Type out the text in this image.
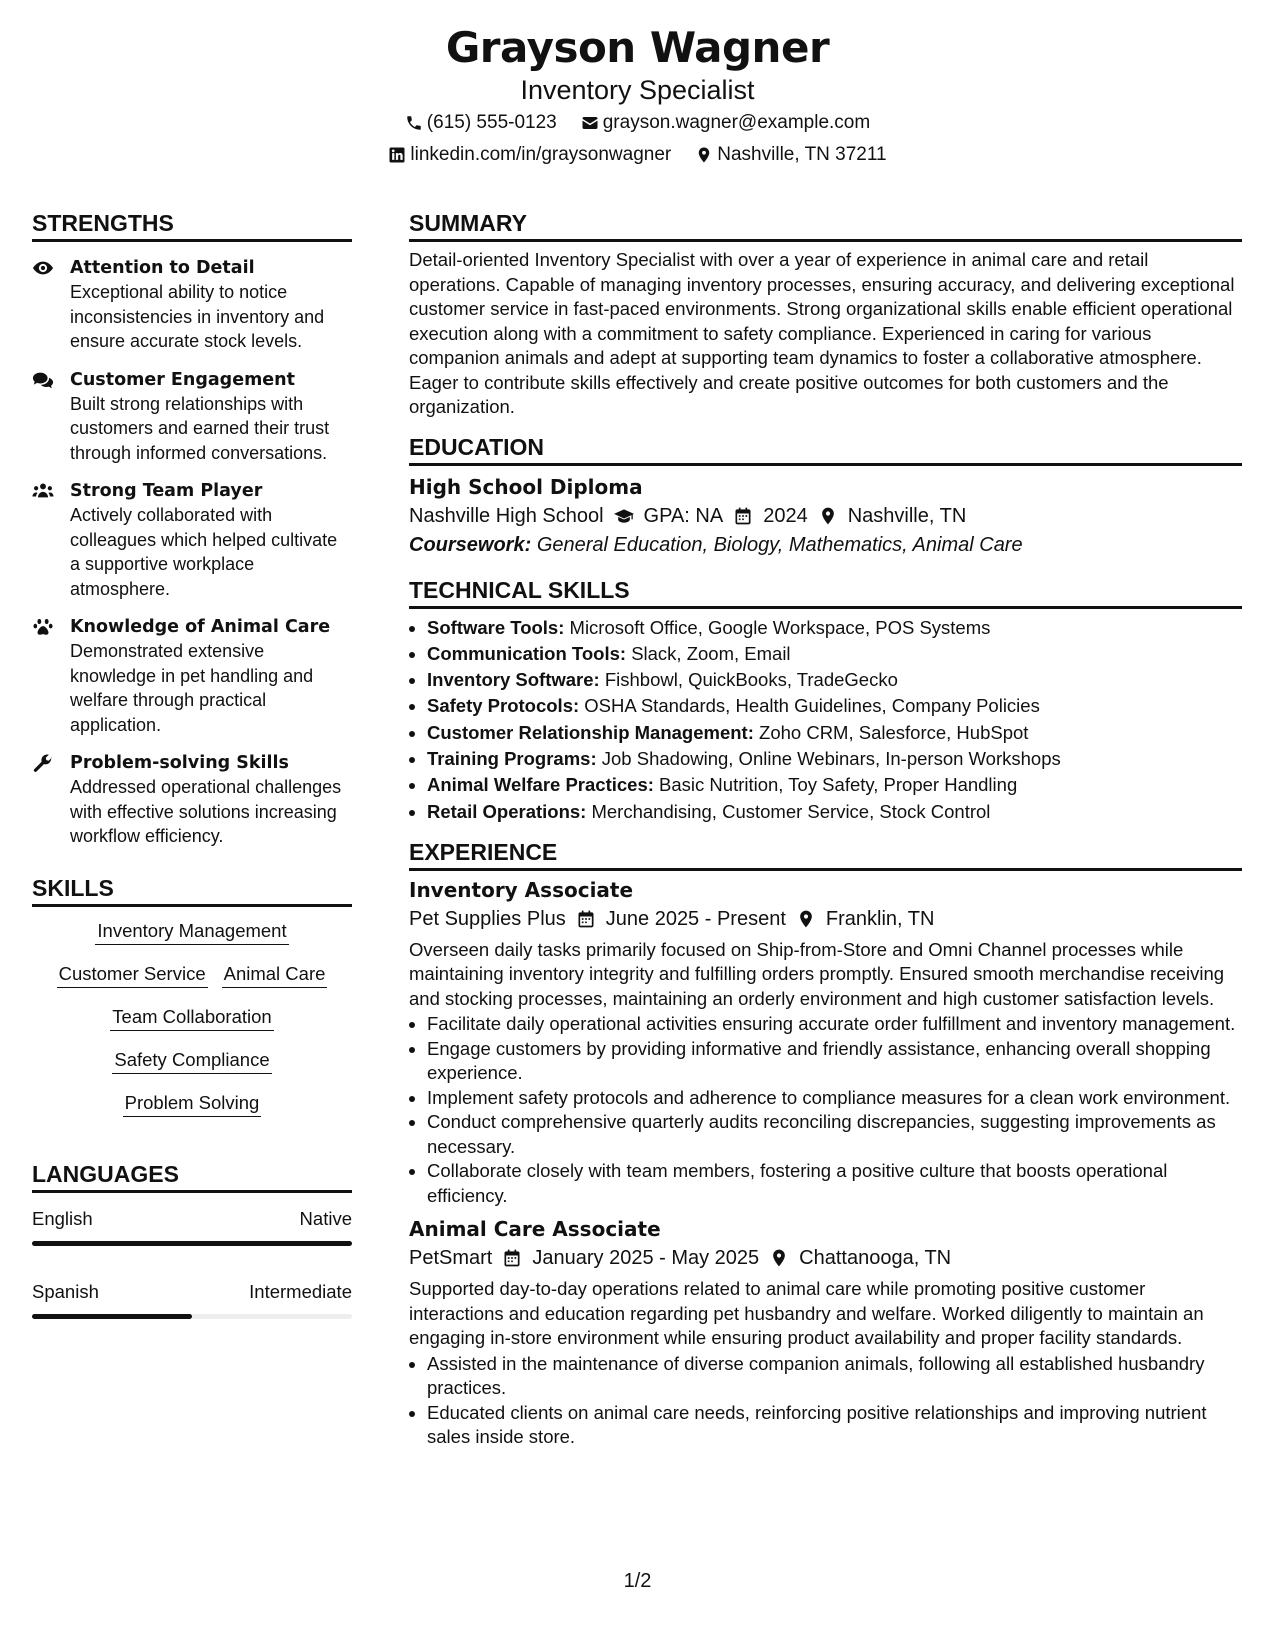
Grayson Wagner
Inventory Specialist
(615) 555-0123 grayson.wagner@example.com
linkedin.com/in/graysonwagner Nashville, TN 37211
STRENGTHS
Attention to Detail
Exceptional ability to notice inconsistencies in inventory and ensure accurate stock levels.
Customer Engagement
Built strong relationships with customers and earned their trust through informed conversations.
Strong Team Player
Actively collaborated with colleagues which helped cultivate a supportive workplace atmosphere.
Knowledge of Animal Care
Demonstrated extensive knowledge in pet handling and welfare through practical application.
Problem-solving Skills
Addressed operational challenges with effective solutions increasing workflow efficiency.
SKILLS
Inventory Management
Customer Service Animal Care
Team Collaboration
Safety Compliance
Problem Solving
LANGUAGES
English	Native
Spanish	Intermediate
SUMMARY
Detail-oriented Inventory Specialist with over a year of experience in animal care and retail operations. Capable of managing inventory processes, ensuring accuracy, and delivering exceptional customer service in fast-paced environments. Strong organizational skills enable efficient operational execution along with a commitment to safety compliance. Experienced in caring for various companion animals and adept at supporting team dynamics to foster a collaborative atmosphere. Eager to contribute skills effectively and create positive outcomes for both customers and the organization.
EDUCATION
High School Diploma
Nashville High School GPA: NA 2024 Nashville, TN
Coursework: General Education, Biology, Mathematics, Animal Care
TECHNICAL SKILLS
• Software Tools: Microsoft Office, Google Workspace, POS Systems
• Communication Tools: Slack, Zoom, Email
• Inventory Software: Fishbowl, QuickBooks, TradeGecko
• Safety Protocols: OSHA Standards, Health Guidelines, Company Policies
• Customer Relationship Management: Zoho CRM, Salesforce, HubSpot
• Training Programs: Job Shadowing, Online Webinars, In-person Workshops
• Animal Welfare Practices: Basic Nutrition, Toy Safety, Proper Handling
• Retail Operations: Merchandising, Customer Service, Stock Control
EXPERIENCE
Inventory Associate
Pet Supplies Plus June 2025 - Present Franklin, TN
Overseen daily tasks primarily focused on Ship-from-Store and Omni Channel processes while maintaining inventory integrity and fulfilling orders promptly. Ensured smooth merchandise receiving and stocking processes, maintaining an orderly environment and high customer satisfaction levels.
• Facilitate daily operational activities ensuring accurate order fulfillment and inventory management.
• Engage customers by providing informative and friendly assistance, enhancing overall shopping experience.
• Implement safety protocols and adherence to compliance measures for a clean work environment.
• Conduct comprehensive quarterly audits reconciling discrepancies, suggesting improvements as necessary.
• Collaborate closely with team members, fostering a positive culture that boosts operational efficiency.
Animal Care Associate
PetSmart January 2025 - May 2025 Chattanooga, TN
Supported day-to-day operations related to animal care while promoting positive customer interactions and education regarding pet husbandry and welfare. Worked diligently to maintain an engaging in-store environment while ensuring product availability and proper facility standards.
• Assisted in the maintenance of diverse companion animals, following all established husbandry practices.
• Educated clients on animal care needs, reinforcing positive relationships and improving nutrient sales inside store.
1/2
